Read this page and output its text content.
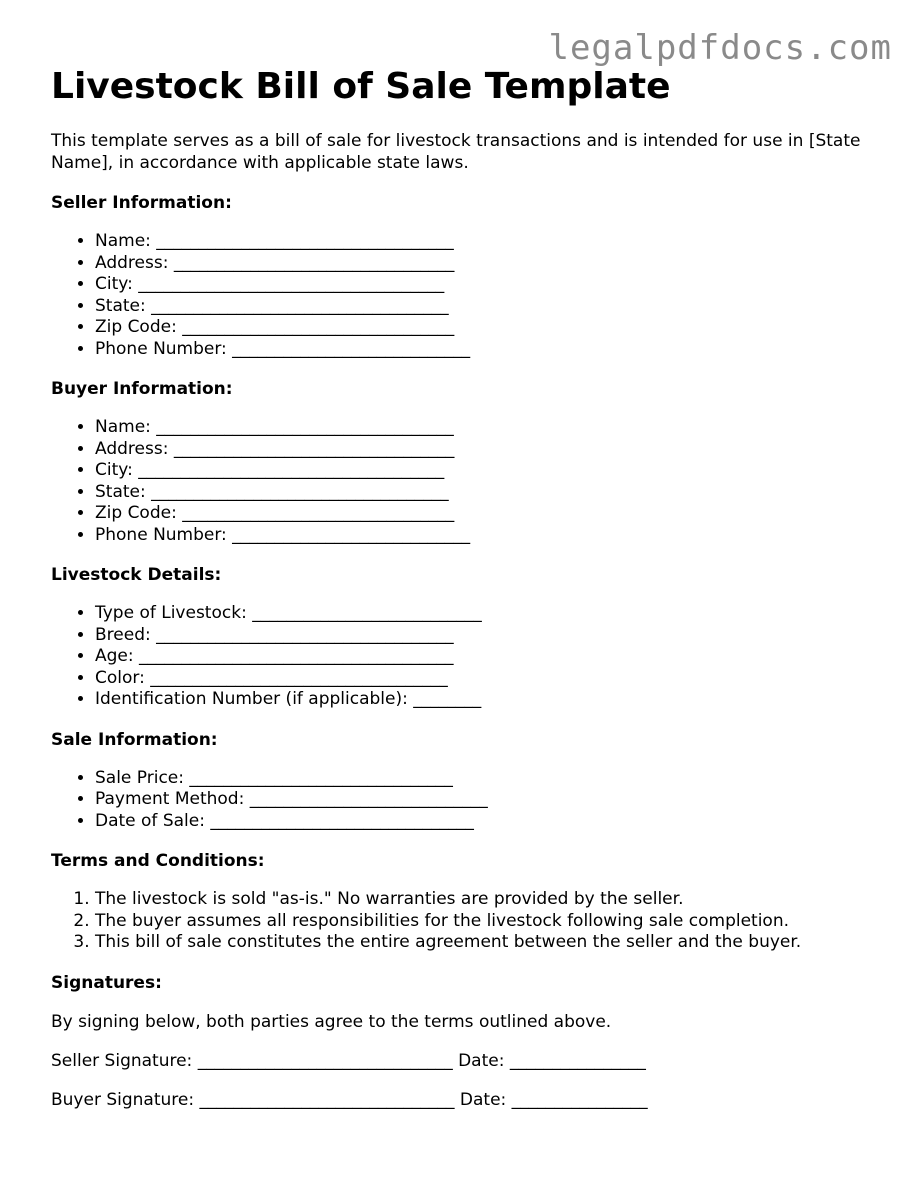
legalpdfdocs.com
Livestock Bill of Sale Template

This template serves as a bill of sale for livestock transactions and is intended for use in [State Name], in accordance with applicable state laws.

Seller Information:
• Name: ___________________________________
• Address: _________________________________
• City: ____________________________________
• State: ___________________________________
• Zip Code: ________________________________
• Phone Number: ____________________________
Buyer Information:
• Name: ___________________________________
• Address: _________________________________
• City: ____________________________________
• State: ___________________________________
• Zip Code: ________________________________
• Phone Number: ____________________________
Livestock Details:
• Type of Livestock: ___________________________
• Breed: ___________________________________
• Age: _____________________________________
• Color: ___________________________________
• Identification Number (if applicable): ________
Sale Information:
• Sale Price: _______________________________
• Payment Method: ____________________________
• Date of Sale: _______________________________
Terms and Conditions:
1. The livestock is sold "as-is." No warranties are provided by the seller.
2. The buyer assumes all responsibilities for the livestock following sale completion.
3. This bill of sale constitutes the entire agreement between the seller and the buyer.
Signatures:

By signing below, both parties agree to the terms outlined above.

Seller Signature: ______________________________ Date: ________________

Buyer Signature: ______________________________ Date: ________________
